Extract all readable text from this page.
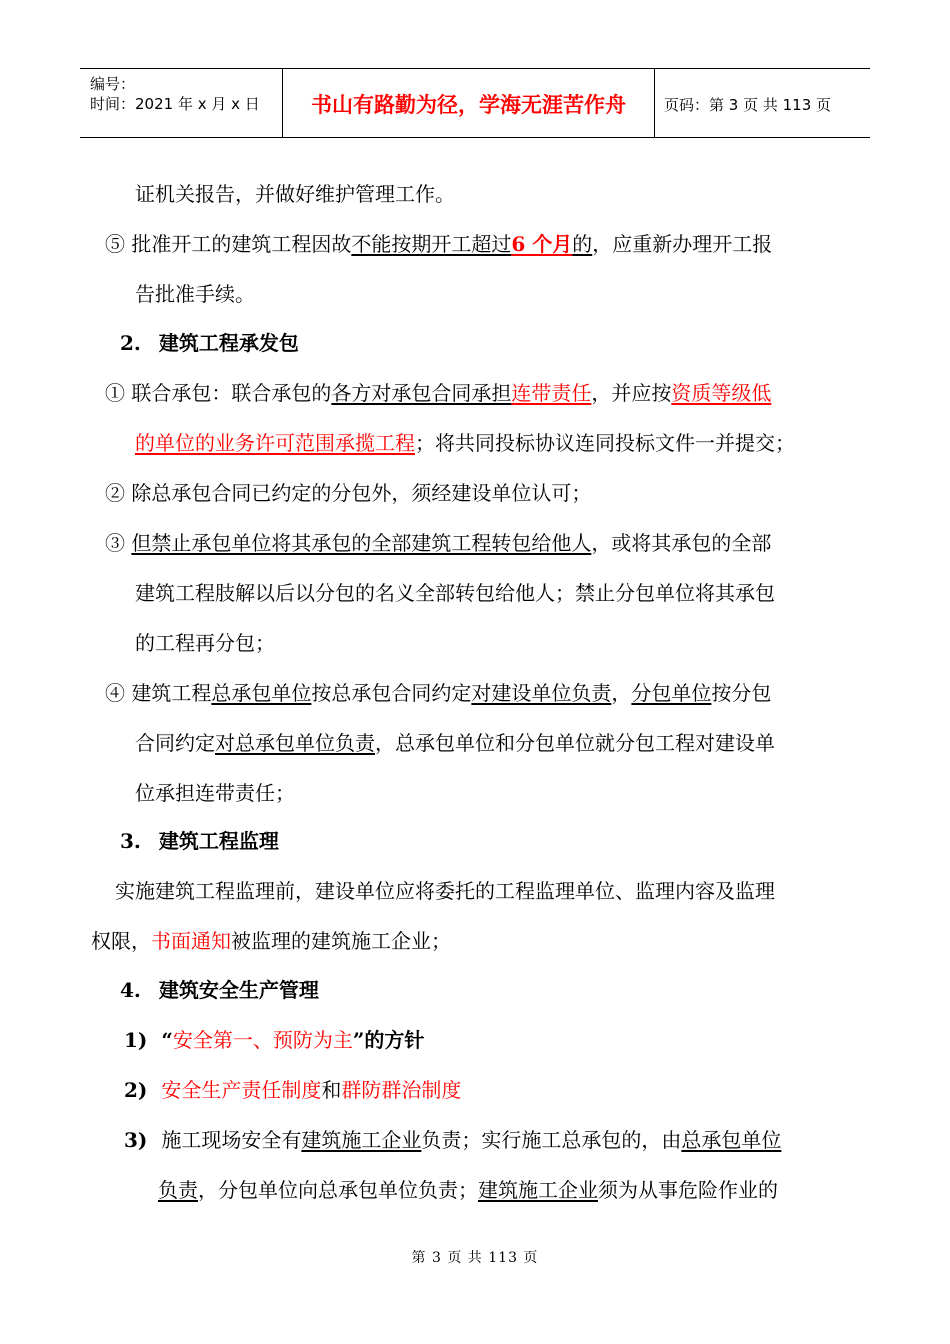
编号：
时间：2021 年 x 月 x 日	书山有路勤为径，学海无涯苦作舟	页码：第 3 页 共 113 页
证机关报告，并做好维护管理工作。
⑤ 批准开工的建筑工程因故不能按期开工超过6 个月的，应重新办理开工报
告批准手续。
2. 建筑工程承发包
① 联合承包：联合承包的各方对承包合同承担连带责任，并应按资质等级低
的单位的业务许可范围承揽工程；将共同投标协议连同投标文件一并提交；
② 除总承包合同已约定的分包外，须经建设单位认可；
③ 但禁止承包单位将其承包的全部建筑工程转包给他人，或将其承包的全部
建筑工程肢解以后以分包的名义全部转包给他人；禁止分包单位将其承包
的工程再分包；
④ 建筑工程总承包单位按总承包合同约定对建设单位负责，分包单位按分包
合同约定对总承包单位负责，总承包单位和分包单位就分包工程对建设单
位承担连带责任；
3. 建筑工程监理
实施建筑工程监理前，建设单位应将委托的工程监理单位、监理内容及监理
权限，书面通知被监理的建筑施工企业；
4. 建筑安全生产管理
1) “安全第一、预防为主”的方针
2) 安全生产责任制度和群防群治制度
3) 施工现场安全有建筑施工企业负责；实行施工总承包的，由总承包单位
负责，分包单位向总承包单位负责；建筑施工企业须为从事危险作业的
第 3 页 共 113 页
